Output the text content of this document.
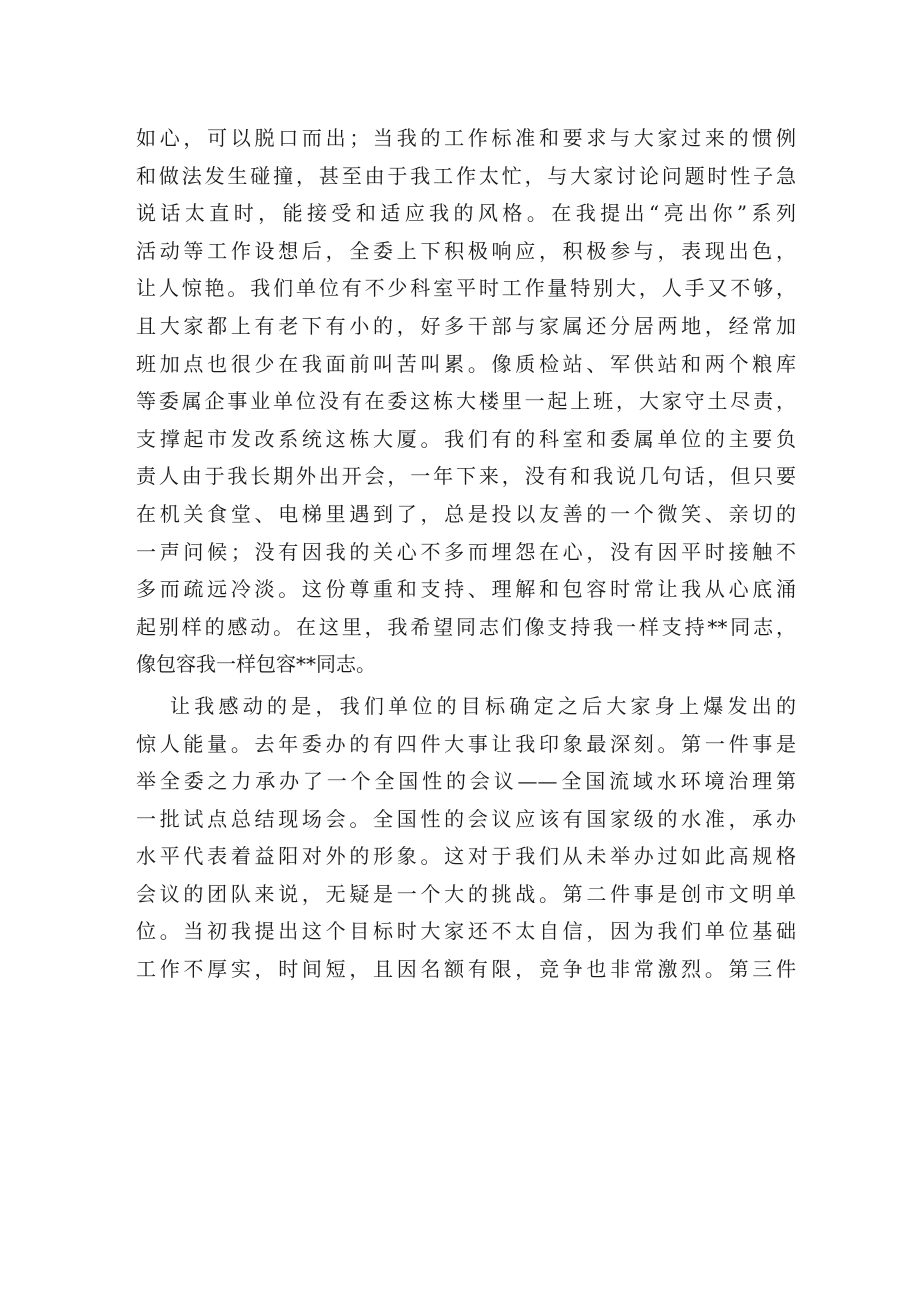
如心，可以脱口而出；当我的工作标准和要求与大家过来的惯例
和做法发生碰撞，甚至由于我工作太忙，与大家讨论问题时性子急
说话太直时，能接受和适应我的风格。在我提出“亮出你”系列
活动等工作设想后，全委上下积极响应，积极参与，表现出色，
让人惊艳。我们单位有不少科室平时工作量特别大，人手又不够，
且大家都上有老下有小的，好多干部与家属还分居两地，经常加
班加点也很少在我面前叫苦叫累。像质检站、军供站和两个粮库
等委属企事业单位没有在委这栋大楼里一起上班，大家守土尽责，
支撑起市发改系统这栋大厦。我们有的科室和委属单位的主要负
责人由于我长期外出开会，一年下来，没有和我说几句话，但只要
在机关食堂、电梯里遇到了，总是投以友善的一个微笑、亲切的
一声问候；没有因我的关心不多而埋怨在心，没有因平时接触不
多而疏远冷淡。这份尊重和支持、理解和包容时常让我从心底涌
起别样的感动。在这里，我希望同志们像支持我一样支持**同志，
像包容我一样包容**同志。
让我感动的是，我们单位的目标确定之后大家身上爆发出的
惊人能量。去年委办的有四件大事让我印象最深刻。第一件事是
举全委之力承办了一个全国性的会议——全国流域水环境治理第
一批试点总结现场会。全国性的会议应该有国家级的水准，承办
水平代表着益阳对外的形象。这对于我们从未举办过如此高规格
会议的团队来说，无疑是一个大的挑战。第二件事是创市文明单
位。当初我提出这个目标时大家还不太自信，因为我们单位基础
工作不厚实，时间短，且因名额有限，竞争也非常激烈。第三件
